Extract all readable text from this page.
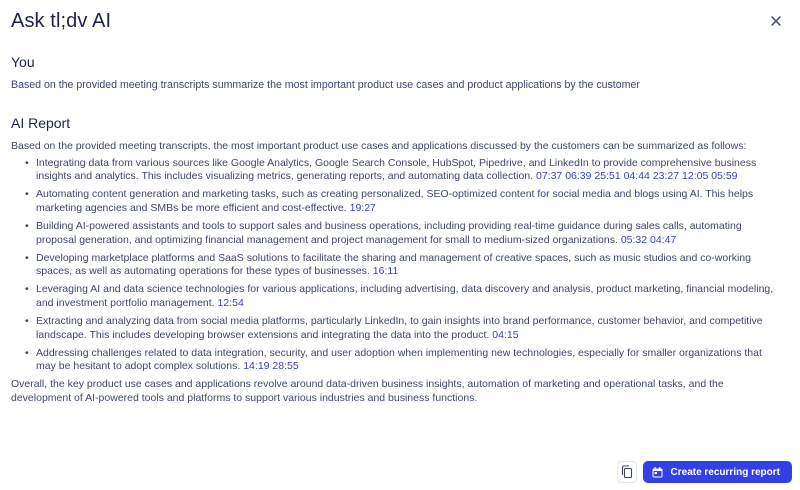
Ask tl;dv AI
You
Based on the provided meeting transcripts summarize the most important product use cases and product applications by the customer
AI Report
Based on the provided meeting transcripts, the most important product use cases and applications discussed by the customers can be summarized as follows:
• Integrating data from various sources like Google Analytics, Google Search Console, HubSpot, Pipedrive, and LinkedIn to provide comprehensive business insights and analytics. This includes visualizing metrics, generating reports, and automating data collection. 07:37 06:39 25:51 04:44 23:27 12:05 05:59
• Automating content generation and marketing tasks, such as creating personalized, SEO-optimized content for social media and blogs using AI. This helps marketing agencies and SMBs be more efficient and cost-effective. 19:27
• Building AI-powered assistants and tools to support sales and business operations, including providing real-time guidance during sales calls, automating proposal generation, and optimizing financial management and project management for small to medium-sized organizations. 05:32 04:47
• Developing marketplace platforms and SaaS solutions to facilitate the sharing and management of creative spaces, such as music studios and co-working spaces, as well as automating operations for these types of businesses. 16:11
• Leveraging AI and data science technologies for various applications, including advertising, data discovery and analysis, product marketing, financial modeling, and investment portfolio management. 12:54
• Extracting and analyzing data from social media platforms, particularly LinkedIn, to gain insights into brand performance, customer behavior, and competitive landscape. This includes developing browser extensions and integrating the data into the product. 04:15
• Addressing challenges related to data integration, security, and user adoption when implementing new technologies, especially for smaller organizations that may be hesitant to adopt complex solutions. 14:19 28:55
Overall, the key product use cases and applications revolve around data-driven business insights, automation of marketing and operational tasks, and the development of AI-powered tools and platforms to support various industries and business functions.
Create recurring report
